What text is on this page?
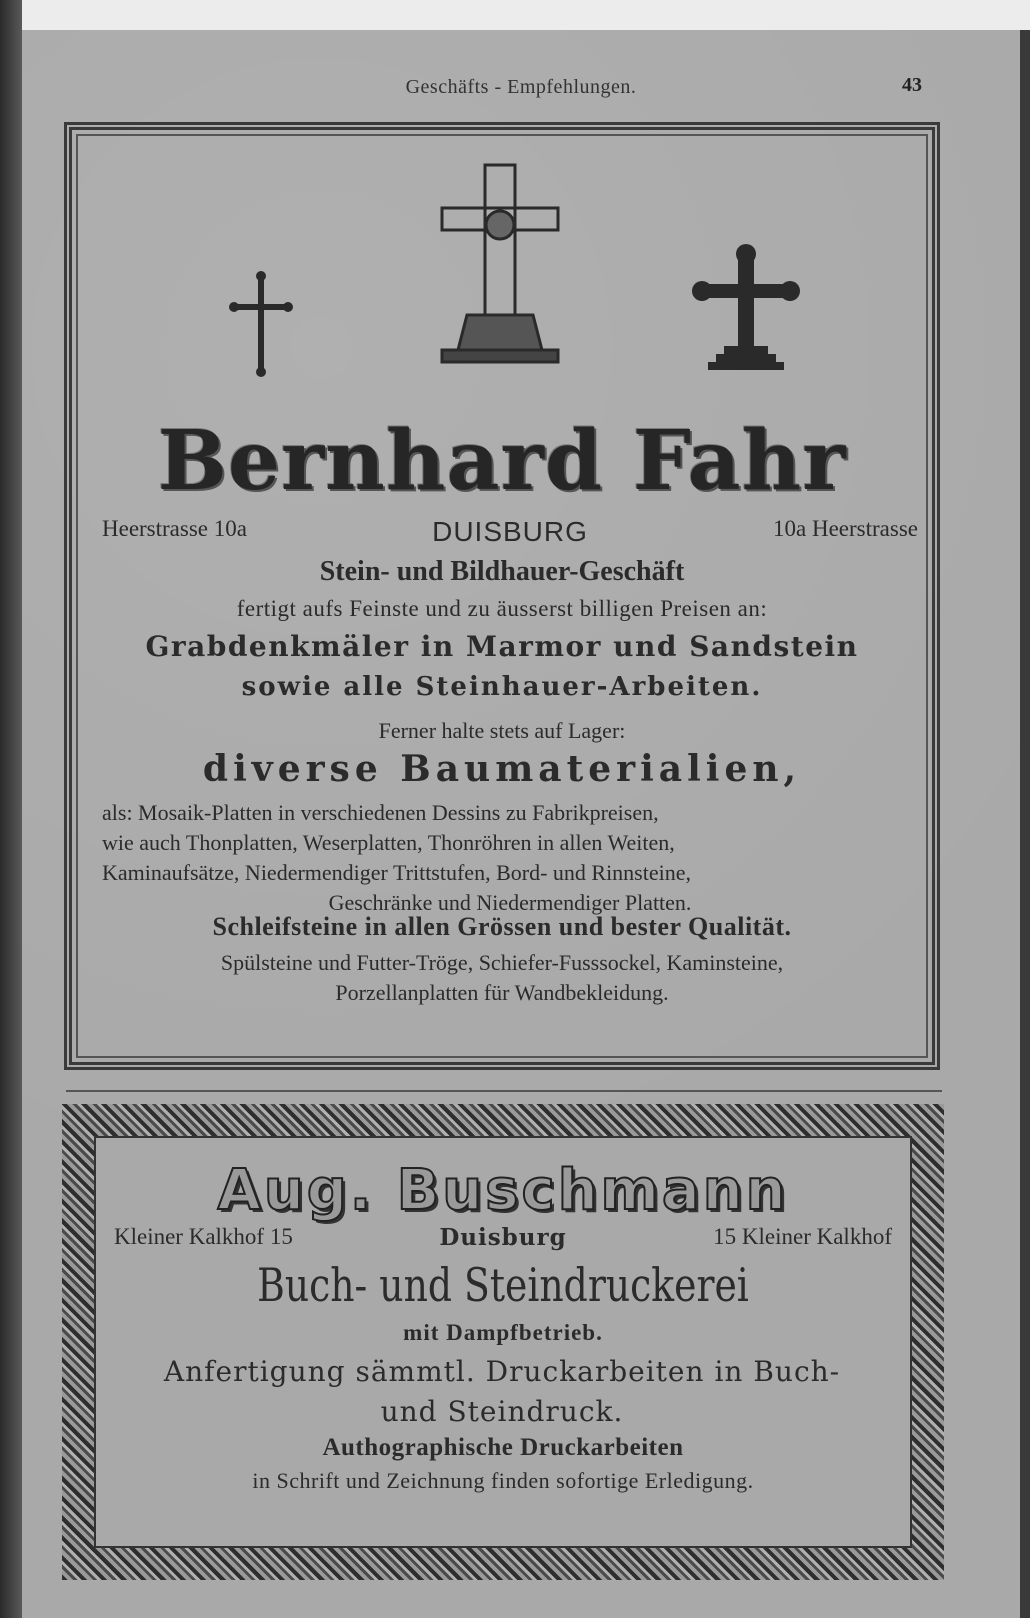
Geschäfts - Empfehlungen.	43
Bernhard Fahr
Heerstrasse 10a	DUISBURG	10a Heerstrasse
Stein- und Bildhauer-Geschäft
fertigt aufs Feinste und zu äusserst billigen Preisen an:
Grabdenkmäler in Marmor und Sandstein
sowie alle Steinhauer-Arbeiten.
Ferner halte stets auf Lager:
diverse Baumaterialien,
als: Mosaik-Platten in verschiedenen Dessins zu Fabrikpreisen,
wie auch Thonplatten, Weserplatten, Thonröhren in allen Weiten,
Kaminaufsätze, Niedermendiger Trittstufen, Bord- und Rinnsteine,
Geschränke und Niedermendiger Platten.
Schleifsteine in allen Grössen und bester Qualität.
Spülsteine und Futter-Tröge, Schiefer-Fusssockel, Kaminsteine,
Porzellanplatten für Wandbekleidung.
Aug. Buschmann
Kleiner Kalkhof 15	Duisburg	15 Kleiner Kalkhof
Buch- und Steindruckerei
mit Dampfbetrieb.
Anfertigung sämmtl. Druckarbeiten in Buch-
und Steindruck.
Authographische Druckarbeiten
in Schrift und Zeichnung finden sofortige Erledigung.
